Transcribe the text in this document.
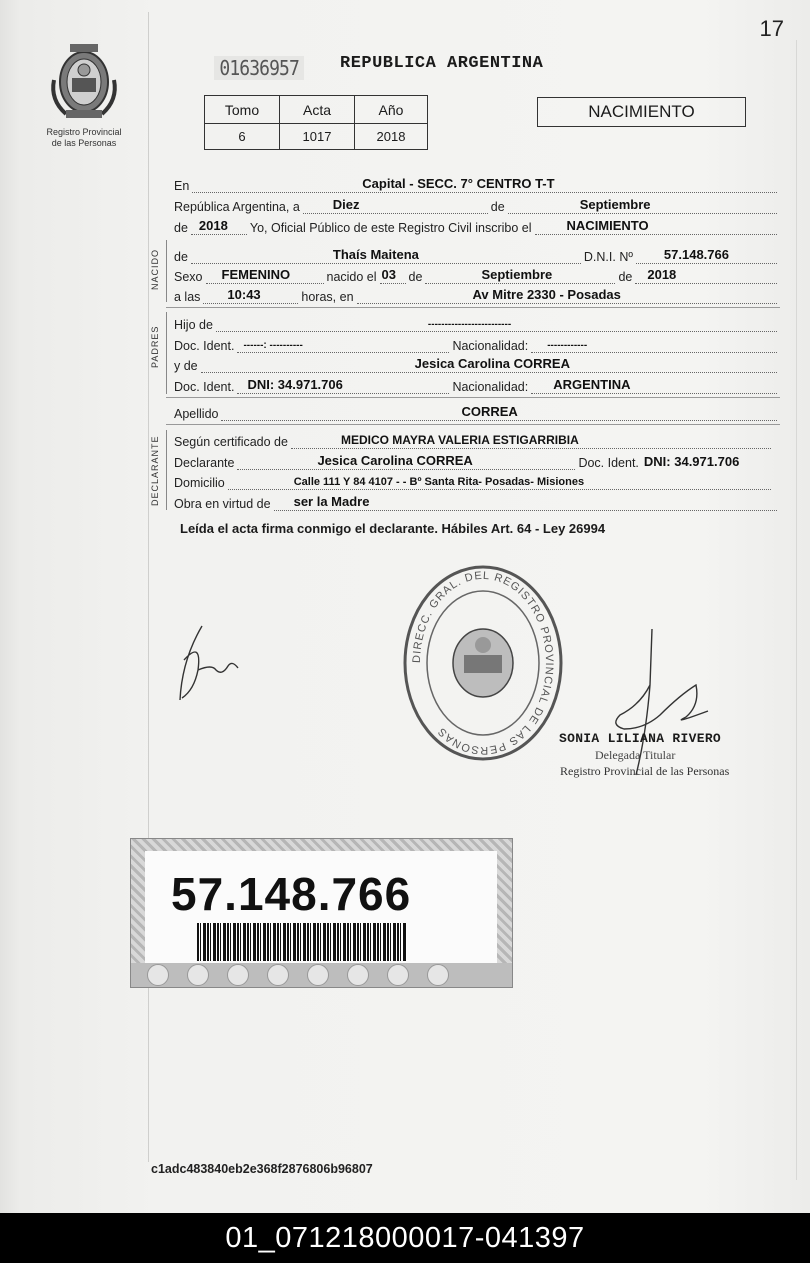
17
Registro Provincial
de las Personas
01636957	REPUBLICA ARGENTINA
Tomo	Acta	Año
6	1017	2018
NACIMIENTO
En	Capital - SECC. 7° CENTRO T-T
República Argentina, a	Diez	de	Septiembre
de 2018 Yo, Oficial Público de este Registro Civil inscribo el	NACIMIENTO
NACIDO de	Thaís Maitena	D.N.I. Nº 57.148.766
Sexo FEMENINO	nacido el 03 de	Septiembre	de 2018
a las 10:43	horas, en	Av Mitre 2330 - Posadas
PADRES
Hijo de	-------------------------
Doc. Ident. ------: ----------	Nacionalidad: ------------
y de	Jesica Carolina CORREA
Doc. Ident. DNI: 34.971.706	Nacionalidad: ARGENTINA
Apellido	CORREA
DECLARANTE Según certificado de	MEDICO MAYRA VALERIA ESTIGARRIBIA
Declarante	Jesica Carolina CORREA	Doc. Ident. DNI: 34.971.706
Domicilio	Calle 111 Y 84 4107 - - Bº Santa Rita- Posadas- Misiones
Obra en virtud de ser la Madre
Leída el acta firma conmigo el declarante. Hábiles Art. 64 - Ley 26994
DIRECC. GRAL. DEL REGISTRO PROVINCIAL DE LAS PERSONAS	SONIA LILIANA RIVERO
Delegada Titular
Registro Provincial de las Personas
57.148.766
c1adc483840eb2e368f2876806b96807
01_071218000017-041397
